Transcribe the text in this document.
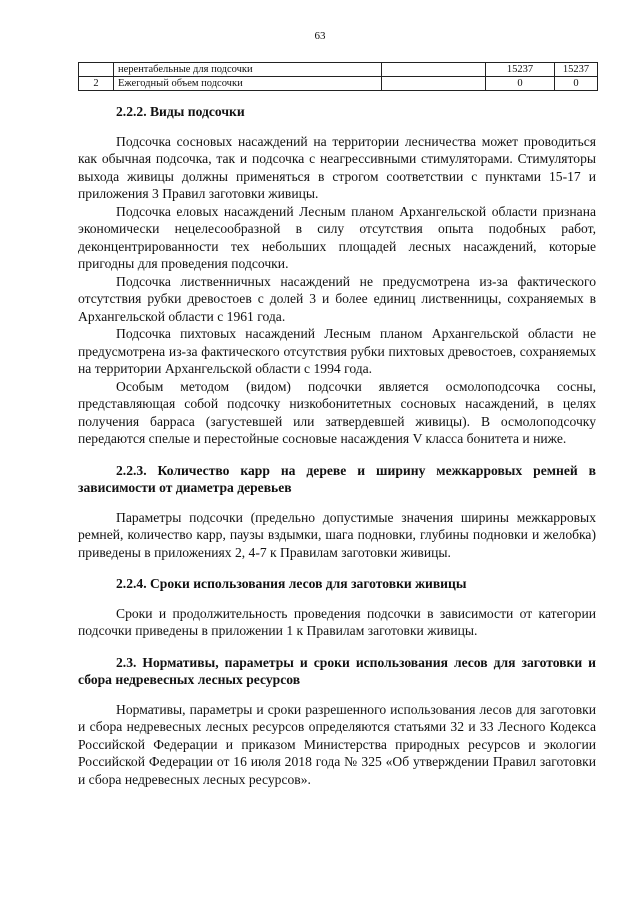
63
	нерентабельные для подсочки		15237	15237
2	Ежегодный объем подсочки		0	0
2.2.2. Виды подсочки

Подсочка сосновых насаждений на территории лесничества может проводиться как обычная подсочка, так и подсочка с неагрессивными стимуляторами. Стимуляторы выхода живицы должны применяться в строгом соответствии с пунктами 15-17 и приложения 3 Правил заготовки живицы.

Подсочка еловых насаждений Лесным планом Архангельской области признана экономически нецелесообразной в силу отсутствия опыта подобных работ, деконцентрированности тех небольших площадей лесных насаждений, которые пригодны для проведения подсочки.

Подсочка лиственничных насаждений не предусмотрена из-за фактического отсутствия рубки древостоев с долей 3 и более единиц лиственницы, сохраняемых в Архангельской области с 1961 года.

Подсочка пихтовых насаждений Лесным планом Архангельской области не предусмотрена из-за фактического отсутствия рубки пихтовых древостоев, сохраняемых на территории Архангельской области с 1994 года.

Особым методом (видом) подсочки является осмолоподсочка сосны, представляющая собой подсочку низкобонитетных сосновых насаждений, в целях получения барраса (загустевшей или затвердевшей живицы). В осмолоподсочку передаются спелые и перестойные сосновые насаждения V класса бонитета и ниже.

2.2.3. Количество карр на дереве и ширину межкарровых ремней в зависимости от диаметра деревьев

Параметры подсочки (предельно допустимые значения ширины межкарровых ремней, количество карр, паузы вздымки, шага подновки, глубины подновки и желобка) приведены в приложениях 2, 4-7 к Правилам заготовки живицы.

2.2.4. Сроки использования лесов для заготовки живицы

Сроки и продолжительность проведения подсочки в зависимости от категории подсочки приведены в приложении 1 к Правилам заготовки живицы.

2.3. Нормативы, параметры и сроки использования лесов для заготовки и сбора недревесных лесных ресурсов

Нормативы, параметры и сроки разрешенного использования лесов для заготовки и сбора недревесных лесных ресурсов определяются статьями 32 и 33 Лесного Кодекса Российской Федерации и приказом Министерства природных ресурсов и экологии Российской Федерации от 16 июля 2018 года № 325 «Об утверждении Правил заготовки и сбора недревесных лесных ресурсов».
